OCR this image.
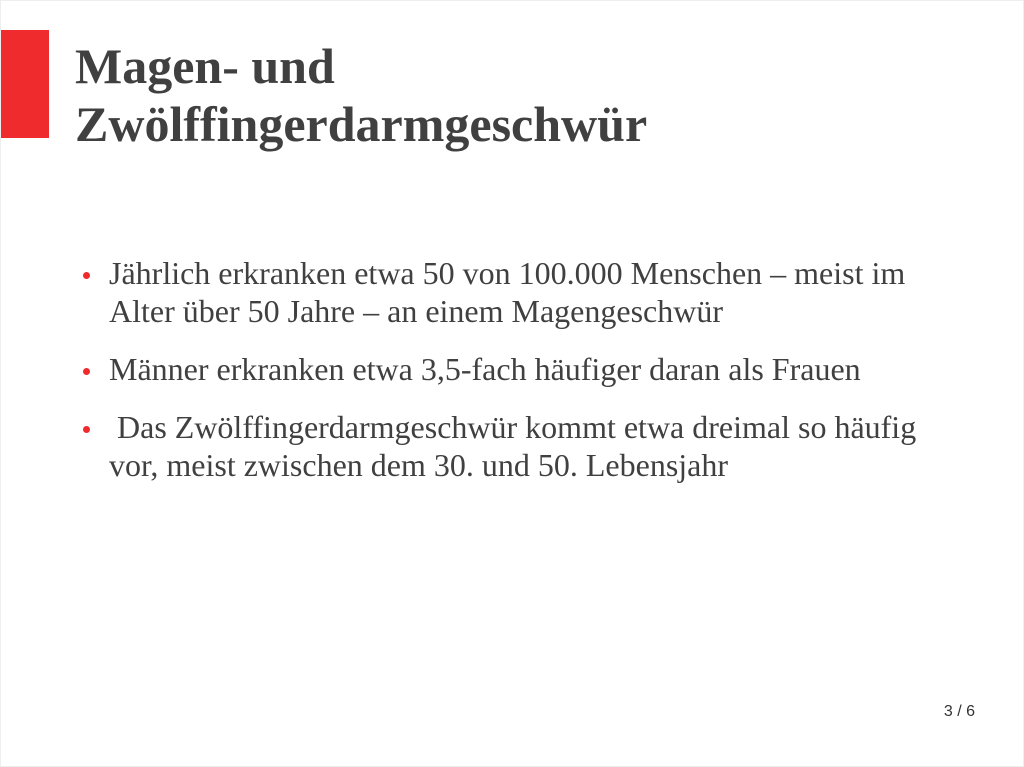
Magen- und
Zwölffingerdarmgeschwür
Jährlich erkranken etwa 50 von 100.000 Menschen – meist im Alter über 50 Jahre – an einem Magengeschwür
Männer erkranken etwa 3,5-fach häufiger daran als Frauen
Das Zwölffingerdarmgeschwür kommt etwa dreimal so häufig vor, meist zwischen dem 30. und 50. Lebensjahr
3 / 6
